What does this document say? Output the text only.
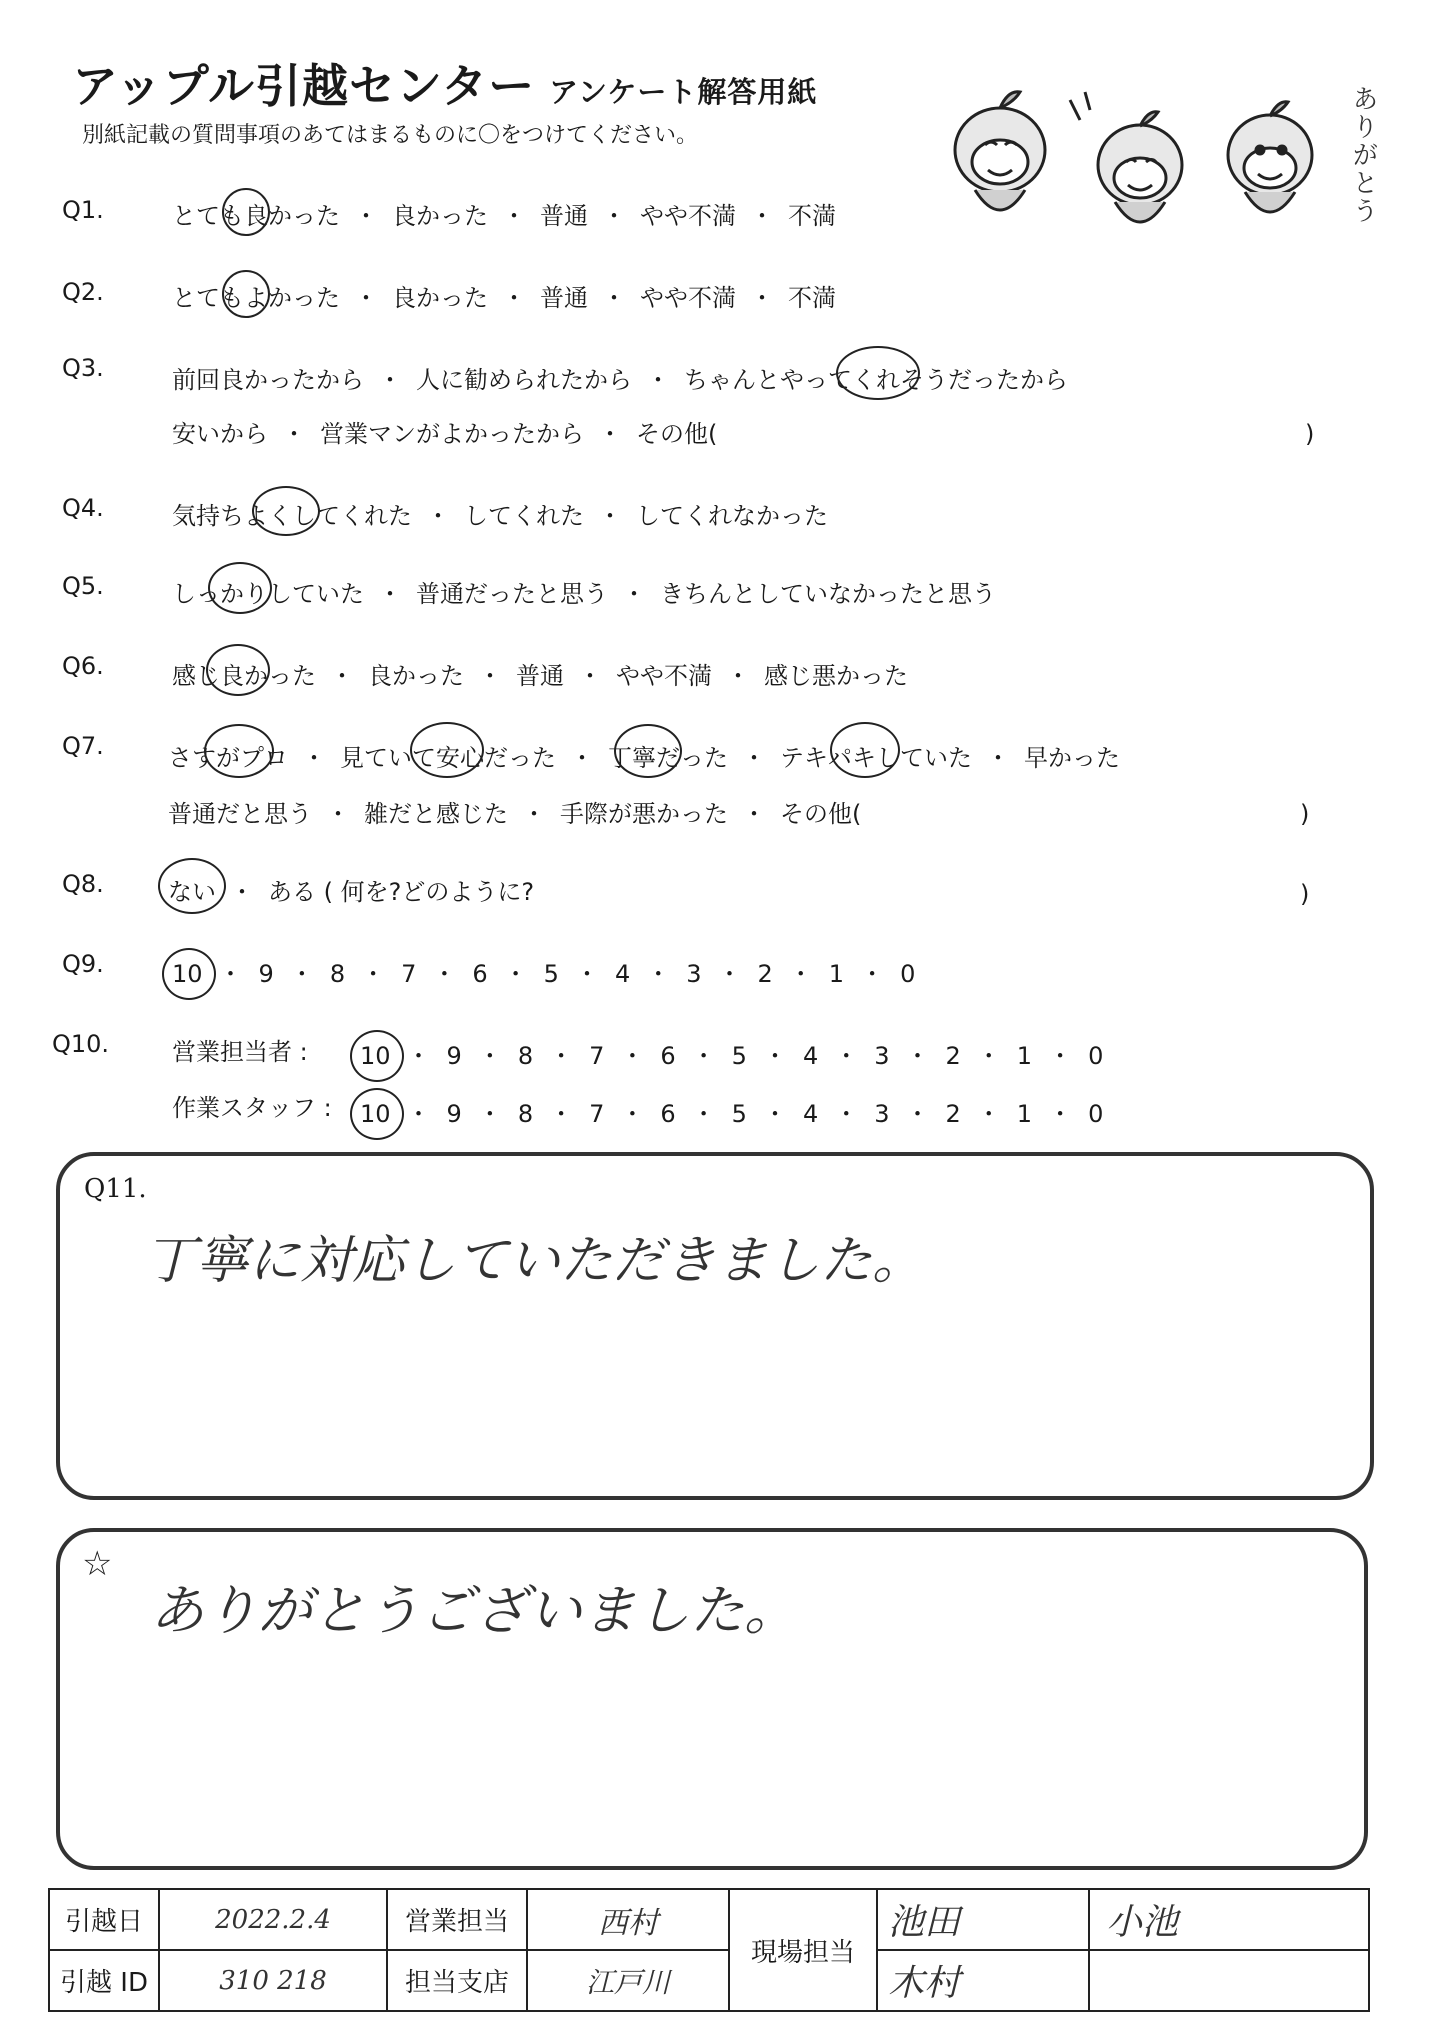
アップル引越センター アンケート解答用紙
別紙記載の質問事項のあてはまるものに〇をつけてください。	ありがとう
Q1.	とても良かった ・ 良かった ・ 普通 ・ やや不満 ・ 不満
Q2.	とてもよかった ・ 良かった ・ 普通 ・ やや不満 ・ 不満
Q3.	前回良かったから ・ 人に勧められたから ・ ちゃんとやってくれそうだったから
安いから ・ 営業マンがよかったから ・ その他(	)
Q4.	気持ちよくしてくれた ・ してくれた ・ してくれなかった
Q5.	しっかりしていた ・ 普通だったと思う ・ きちんとしていなかったと思う
Q6.	感じ良かった ・ 良かった ・ 普通 ・ やや不満 ・ 感じ悪かった
Q7.	さすがプロ ・ 見ていて安心だった ・ 丁寧だった ・ テキパキしていた ・ 早かった
普通だと思う ・ 雑だと感じた ・ 手際が悪かった ・ その他(	)
Q8.	ない ・ ある ( 何を?どのように?	)
Q9.	10 ・ 9 ・ 8 ・ 7 ・ 6 ・ 5 ・ 4 ・ 3 ・ 2 ・ 1 ・ 0
Q10.	営業担当者 : 10 ・ 9 ・ 8 ・ 7 ・ 6 ・ 5 ・ 4 ・ 3 ・ 2 ・ 1 ・ 0
作業スタッフ : 10 ・ 9 ・ 8 ・ 7 ・ 6 ・ 5 ・ 4 ・ 3 ・ 2 ・ 1 ・ 0
Q11.
丁寧に対応していただきました。
☆
ありがとうございました。
引越日	2022.2.4	営業担当	西村	現場担当	池田	小池
引越 ID	310 218	担当支店	江戸川		木村	
